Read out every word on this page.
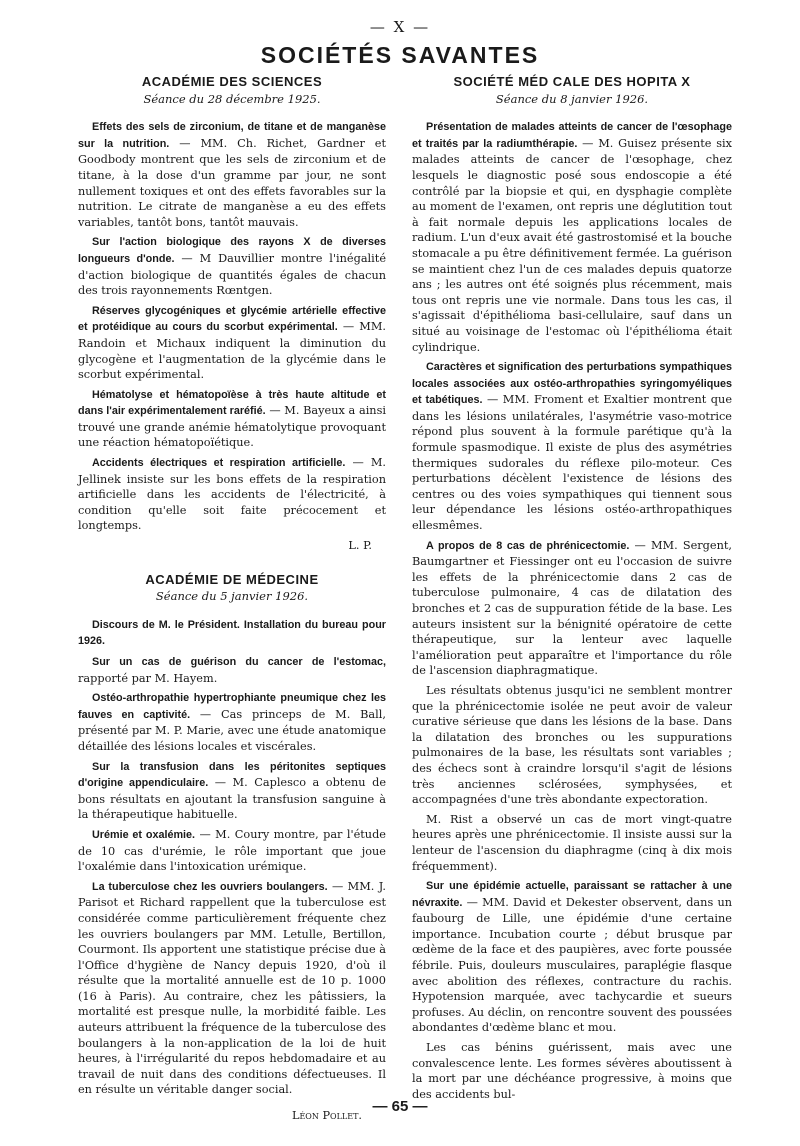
— X —
SOCIÉTÉS SAVANTES
ACADÉMIE DES SCIENCES
Séance du 28 décembre 1925.

Effets des sels de zirconium, de titane et de manganèse sur la nutrition. — MM. Ch. Richet, Gardner et Goodbody montrent que les sels de zirconium et de titane, à la dose d'un gramme par jour, ne sont nullement toxiques et ont des effets favorables sur la nutrition. Le citrate de manganèse a eu des effets variables, tantôt bons, tantôt mauvais.

Sur l'action biologique des rayons X de diverses longueurs d'onde. — M Dauvillier montre l'inégalité d'action biologique de quantités égales de chacun des trois rayonnements Rœntgen.

Réserves glycogéniques et glycémie artérielle effective et protéidique au cours du scorbut expérimental. — MM. Randoin et Michaux indiquent la diminution du glycogène et l'augmentation de la glycémie dans le scorbut expérimental.

Hématolyse et hématopoïèse à très haute altitude et dans l'air expérimentalement raréfié. — M. Bayeux a ainsi trouvé une grande anémie hématolytique provoquant une réaction hématopoïétique.

Accidents électriques et respiration artificielle. — M. Jellinek insiste sur les bons effets de la respiration artificielle dans les accidents de l'électricité, à condition qu'elle soit faite précocement et longtemps.

L. P.
ACADÉMIE DE MÉDECINE
Séance du 5 janvier 1926.

Discours de M. le Président. Installation du bureau pour 1926.

Sur un cas de guérison du cancer de l'estomac, rapporté par M. Hayem.

Ostéo-arthropathie hypertrophiante pneumique chez les fauves en captivité. — Cas princeps de M. Ball, présenté par M. P. Marie, avec une étude anatomique détaillée des lésions locales et viscérales.

Sur la transfusion dans les péritonites septiques d'origine appendiculaire. — M. Caplesco a obtenu de bons résultats en ajoutant la transfusion sanguine à la thérapeutique habituelle.

Urémie et oxalémie. — M. Coury montre, par l'étude de 10 cas d'urémie, le rôle important que joue l'oxalémie dans l'intoxication urémique.

La tuberculose chez les ouvriers boulangers. — MM. J. Parisot et Richard rappellent que la tuberculose est considérée comme particulièrement fréquente chez les ouvriers boulangers par MM. Letulle, Bertillon, Courmont. Ils apportent une statistique précise due à l'Office d'hygiène de Nancy depuis 1920, d'où il résulte que la mortalité annuelle est de 10 p. 1000 (16 à Paris). Au contraire, chez les pâtissiers, la mortalité est presque nulle, la morbidité faible. Les auteurs attribuent la fréquence de la tuberculose des boulangers à la non-application de la loi de huit heures, à l'irrégularité du repos hebdomadaire et au travail de nuit dans des conditions défectueuses. Il en résulte un véritable danger social.

Léon Pollet.
SOCIÉTÉ MÉD CALE DES HOPITA X
Séance du 8 janvier 1926.

Présentation de malades atteints de cancer de l'œsophage et traités par la radiumthérapie. — M. Guisez présente six malades atteints de cancer de l'œsophage, chez lesquels le diagnostic posé sous endoscopie a été contrôlé par la biopsie et qui, en dysphagie complète au moment de l'examen, ont repris une déglutition tout à fait normale depuis les applications locales de radium. L'un d'eux avait été gastrostomisé et la bouche stomacale a pu être définitivement fermée. La guérison se maintient chez l'un de ces malades depuis quatorze ans ; les autres ont été soignés plus récemment, mais tous ont repris une vie normale. Dans tous les cas, il s'agissait d'épithélioma basi-cellulaire, sauf dans un situé au voisinage de l'estomac où l'épithélioma était cylindrique.

Caractères et signification des perturbations sympathiques locales associées aux ostéo-arthropathies syringomyéliques et tabétiques. — MM. Froment et Exaltier montrent que dans les lésions unilatérales, l'asymétrie vaso-motrice répond plus souvent à la formule parétique qu'à la formule spasmodique. Il existe de plus des asymétries thermiques sudorales du réflexe pilo-moteur. Ces perturbations décèlent l'existence de lésions des centres ou des voies sympathiques qui tiennent sous leur dépendance les lésions ostéo-arthropathiques ellesmêmes.

A propos de 8 cas de phrénicectomie. — MM. Sergent, Baumgartner et Fiessinger ont eu l'occasion de suivre les effets de la phrénicectomie dans 2 cas de tuberculose pulmonaire, 4 cas de dilatation des bronches et 2 cas de suppuration fétide de la base. Les auteurs insistent sur la bénignité opératoire de cette thérapeutique, sur la lenteur avec laquelle l'amélioration peut apparaître et l'importance du rôle de l'ascension diaphragmatique.

Les résultats obtenus jusqu'ici ne semblent montrer que la phrénicectomie isolée ne peut avoir de valeur curative sérieuse que dans les lésions de la base. Dans la dilatation des bronches ou les suppurations pulmonaires de la base, les résultats sont variables ; des échecs sont à craindre lorsqu'il s'agit de lésions très anciennes sclérosées, symphysées, et accompagnées d'une très abondante expectoration.

M. Rist a observé un cas de mort vingt-quatre heures après une phrénicectomie. Il insiste aussi sur la lenteur de l'ascension du diaphragme (cinq à dix mois fréquemment).

Sur une épidémie actuelle, paraissant se rattacher à une névraxite. — MM. David et Dekester observent, dans un faubourg de Lille, une épidémie d'une certaine importance. Incubation courte ; début brusque par œdème de la face et des paupières, avec forte poussée fébrile. Puis, douleurs musculaires, paraplégie flasque avec abolition des réflexes, contracture du rachis. Hypotension marquée, avec tachycardie et sueurs profuses. Au déclin, on rencontre souvent des poussées abondantes d'œdème blanc et mou.

Les cas bénins guérissent, mais avec une convalescence lente. Les formes sévères aboutissent à la mort par une déchéance progressive, à moins que des accidents bul-

— 65 —
